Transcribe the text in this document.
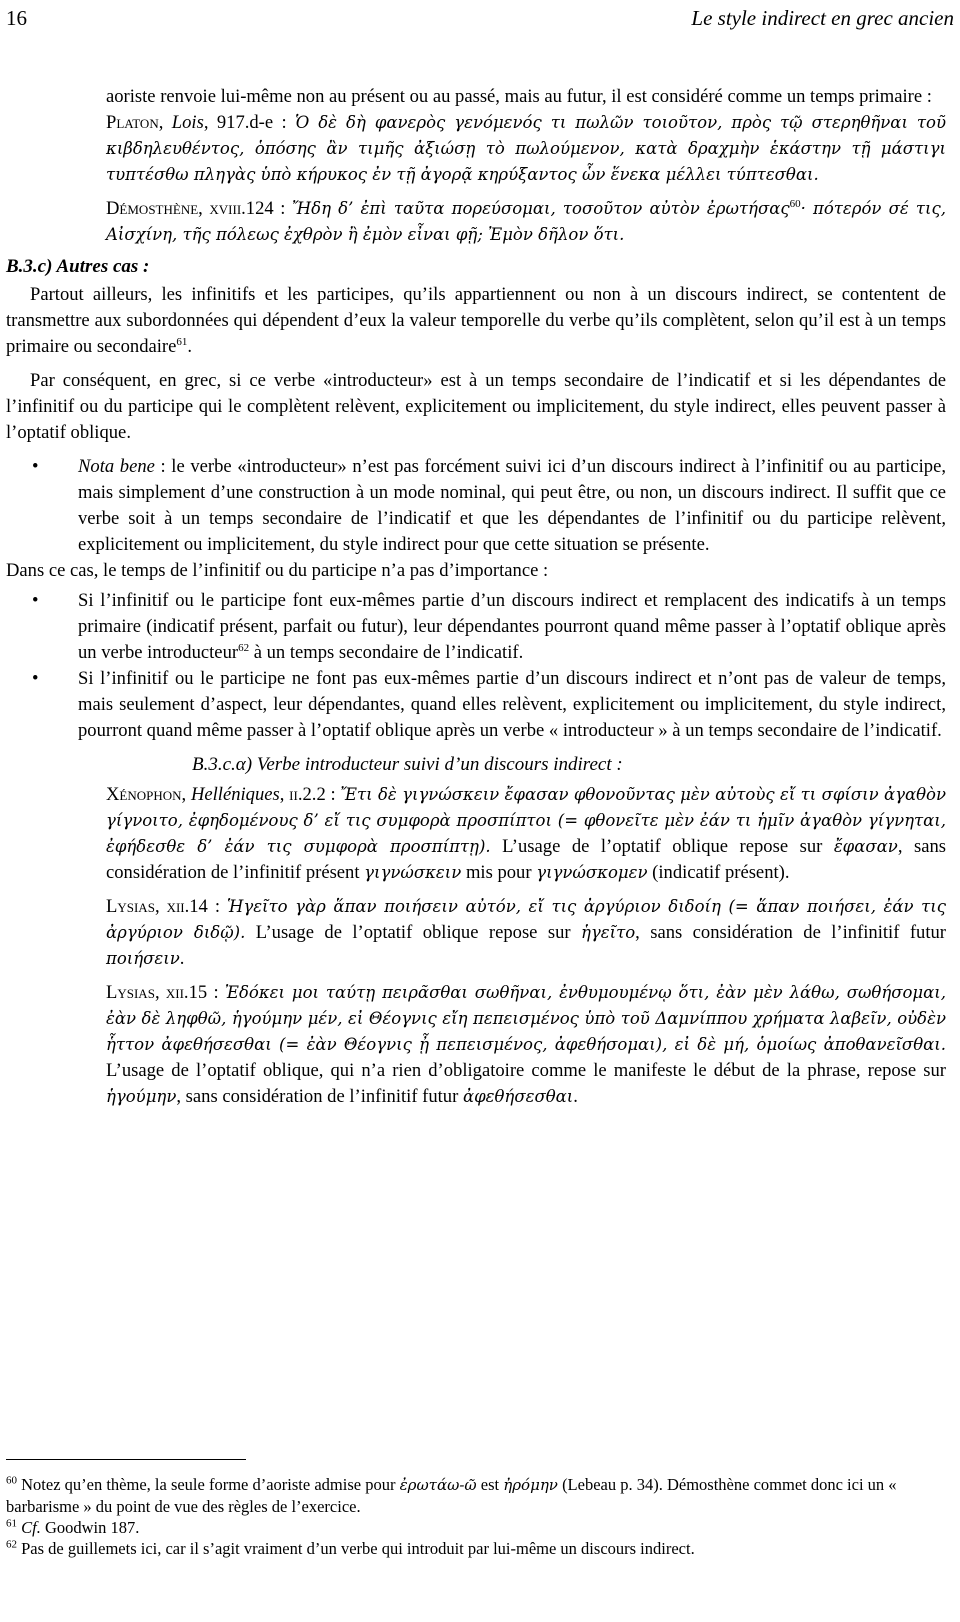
16	Le style indirect en grec ancien

aoriste renvoie lui-même non au présent ou au passé, mais au futur, il est considéré comme un temps primaire :

Platon, Lois, 917.d-e : Ὁ δὲ δὴ φανερὸς γενόμενός τι πωλῶν τοιοῦτον, πρὸς τῷ στερηθῆναι τοῦ κιβδηλευθέντος, ὁπόσης ἂν τιμῆς ἀξιώσῃ τὸ πωλούμενον, κατὰ δραχμὴν ἑκάστην τῇ μάστιγι τυπτέσθω πληγὰς ὑπὸ κήρυκος ἐν τῇ ἀγορᾷ κηρύξαντος ὧν ἕνεκα μέλλει τύπτεσθαι.

Démosthène, xviii.124 : Ἤδη δ’ ἐπὶ ταῦτα πορεύσομαι, τοσοῦτον αὐτὸν ἐρωτήσας$^{60}$· πότερόν σέ τις, Αἰσχίνη, τῆς πόλεως ἐχθρὸν ἢ ἐμὸν εἶναι φῇ; Ἐμὸν δῆλον ὅτι.

B.3.c) Autres cas :

Partout ailleurs, les infinitifs et les participes, qu’ils appartiennent ou non à un discours indirect, se contentent de transmettre aux subordonnées qui dépendent d’eux la valeur temporelle du verbe qu’ils complètent, selon qu’il est à un temps primaire ou secondaire$^{61}$.

Par conséquent, en grec, si ce verbe «introducteur» est à un temps secondaire de l’indicatif et si les dépendantes de l’infinitif ou du participe qui le complètent relèvent, explicitement ou implicitement, du style indirect, elles peuvent passer à l’optatif oblique.

• Nota bene : le verbe «introducteur» n’est pas forcément suivi ici d’un discours indirect à l’infinitif ou au participe, mais simplement d’une construction à un mode nominal, qui peut être, ou non, un discours indirect. Il suffit que ce verbe soit à un temps secondaire de l’indicatif et que les dépendantes de l’infinitif ou du participe relèvent, explicitement ou implicitement, du style indirect pour que cette situation se présente.

Dans ce cas, le temps de l’infinitif ou du participe n’a pas d’importance :

• Si l’infinitif ou le participe font eux-mêmes partie d’un discours indirect et remplacent des indicatifs à un temps primaire (indicatif présent, parfait ou futur), leur dépendantes pourront quand même passer à l’optatif oblique après un verbe introducteur$^{62}$ à un temps secondaire de l’indicatif.

• Si l’infinitif ou le participe ne font pas eux-mêmes partie d’un discours indirect et n’ont pas de valeur de temps, mais seulement d’aspect, leur dépendantes, quand elles relèvent, explicitement ou implicitement, du style indirect, pourront quand même passer à l’optatif oblique après un verbe « introducteur » à un temps secondaire de l’indicatif.

B.3.c.α) Verbe introducteur suivi d’un discours indirect :

Xénophon, Helléniques, ii.2.2 : Ἔτι δὲ γιγνώσκειν ἔφασαν φθονοῦντας μὲν αὐτοὺς εἴ τι σφίσιν ἀγαθὸν γίγνοιτο, ἐφηδομένους δ’ εἴ τις συμφορὰ προσπίπτοι (= φθονεῖτε μὲν ἐάν τι ἡμῖν ἀγαθὸν γίγνηται, ἐφήδεσθε δ’ ἐάν τις συμφορὰ προσπίπτῃ). L’usage de l’optatif oblique repose sur ἔφασαν, sans considération de l’infinitif présent γιγνώσκειν mis pour γιγνώσκομεν (indicatif présent).

Lysias, xii.14 : Ἡγεῖτο γὰρ ἅπαν ποιήσειν αὐτόν, εἴ τις ἀργύριον διδοίη (= ἅπαν ποιήσει, ἐάν τις ἀργύριον διδῷ). L’usage de l’optatif oblique repose sur ἡγεῖτο, sans considération de l’infinitif futur ποιήσειν.

Lysias, xii.15 : Ἐδόκει μοι ταύτῃ πειρᾶσθαι σωθῆναι, ἐνθυμουμένῳ ὅτι, ἐὰν μὲν λάθω, σωθήσομαι, ἐὰν δὲ ληφθῶ, ἡγούμην μέν, εἰ Θέογνις εἴη πεπεισμένος ὑπὸ τοῦ Δαμνίππου χρήματα λαβεῖν, οὐδὲν ἧττον ἀφεθήσεσθαι (= ἐὰν Θέογνις ᾖ πεπεισμένος, ἀφεθήσομαι), εἰ δὲ μή, ὁμοίως ἀποθανεῖσθαι. L’usage de l’optatif oblique, qui n’a rien d’obligatoire comme le manifeste le début de la phrase, repose sur ἡγούμην, sans considération de l’infinitif futur ἀφεθήσεσθαι.

$^{60}$ Notez qu’en thème, la seule forme d’aoriste admise pour ἐρωτάω-ῶ est ἠρόμην (Lebeau p. 34). Démosthène commet donc ici un « barbarisme » du point de vue des règles de l’exercice.

$^{61}$ Cf. Goodwin 187.

$^{62}$ Pas de guillemets ici, car il s’agit vraiment d’un verbe qui introduit par lui-même un discours indirect.
